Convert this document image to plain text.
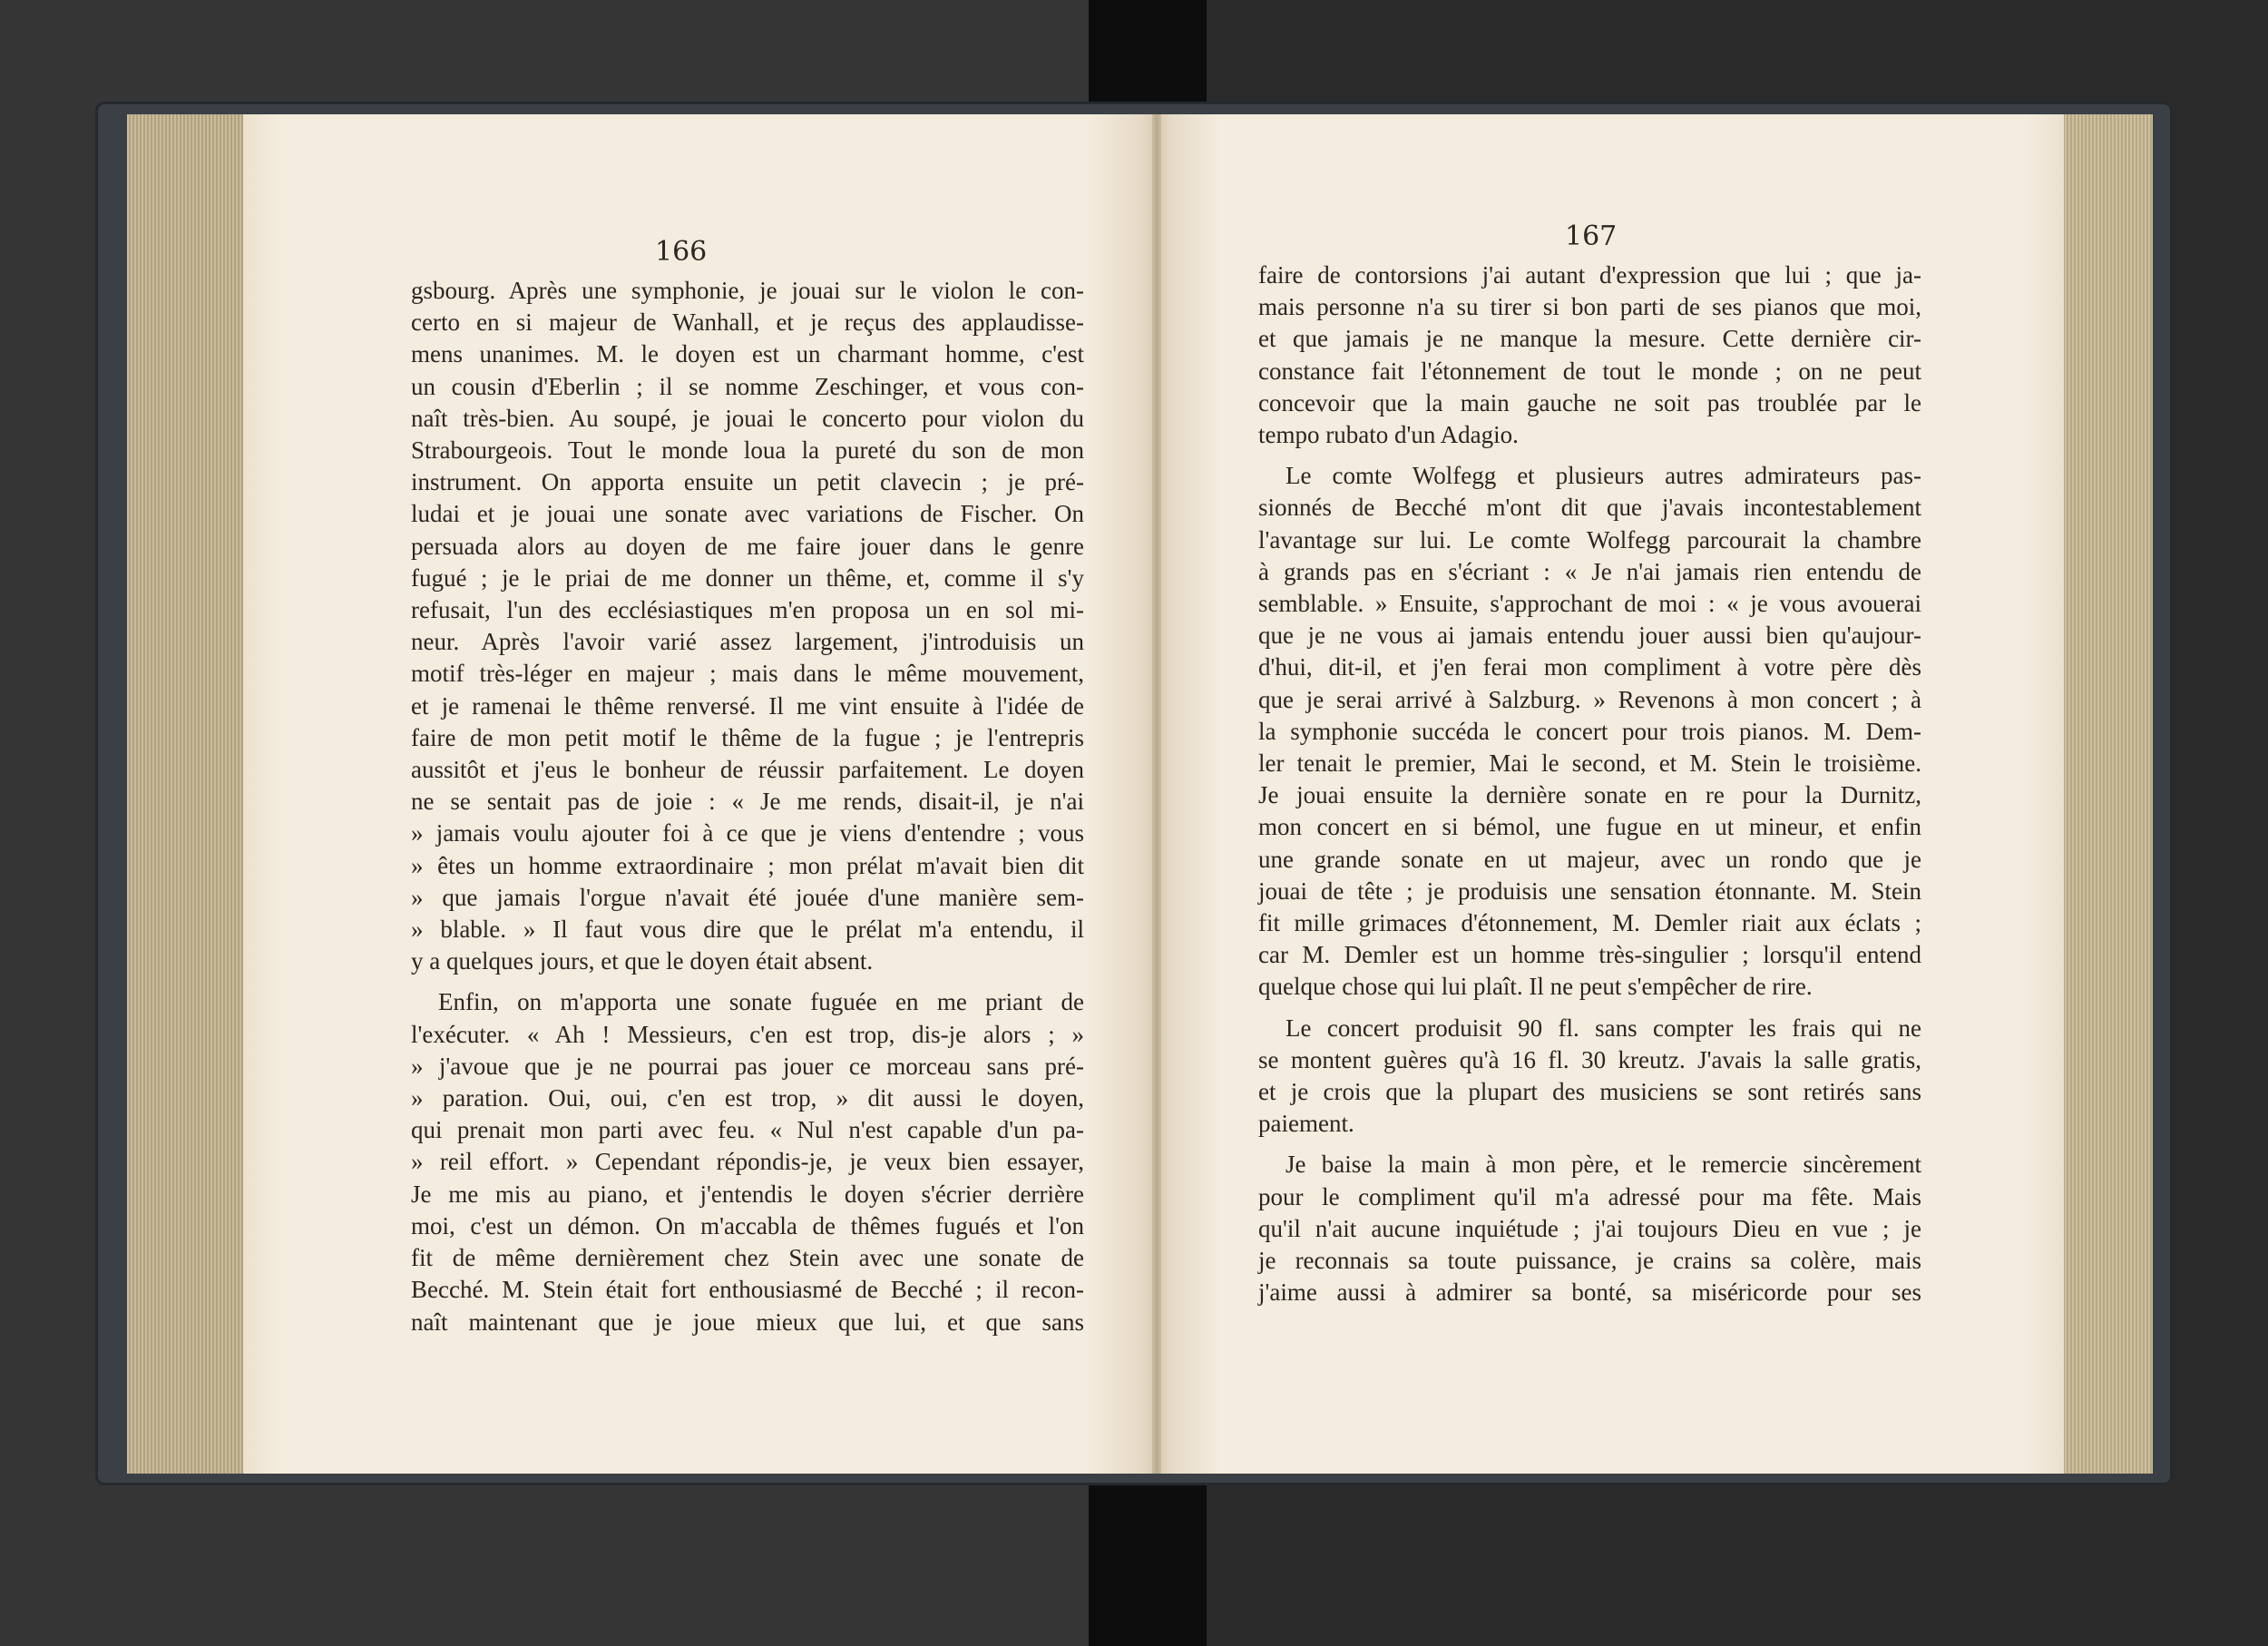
166	167
gsbourg. Après une symphonie, je jouai sur le violon le con-
certo en si majeur de Wanhall, et je reçus des applaudisse-
mens unanimes. M. le doyen est un charmant homme, c'est
un cousin d'Eberlin ; il se nomme Zeschinger, et vous con-
naît très-bien. Au soupé, je jouai le concerto pour violon du
Strabourgeois. Tout le monde loua la pureté du son de mon
instrument. On apporta ensuite un petit clavecin ; je pré-
ludai et je jouai une sonate avec variations de Fischer. On
persuada alors au doyen de me faire jouer dans le genre
fugué ; je le priai de me donner un thême, et, comme il s'y
refusait, l'un des ecclésiastiques m'en proposa un en sol mi-
neur. Après l'avoir varié assez largement, j'introduisis un
motif très-léger en majeur ; mais dans le même mouvement,
et je ramenai le thême renversé. Il me vint ensuite à l'idée de
faire de mon petit motif le thême de la fugue ; je l'entrepris
aussitôt et j'eus le bonheur de réussir parfaitement. Le doyen
ne se sentait pas de joie : « Je me rends, disait-il, je n'ai
» jamais voulu ajouter foi à ce que je viens d'entendre ; vous
» êtes un homme extraordinaire ; mon prélat m'avait bien dit
» que jamais l'orgue n'avait été jouée d'une manière sem-
» blable. » Il faut vous dire que le prélat m'a entendu, il
y a quelques jours, et que le doyen était absent.
Enfin, on m'apporta une sonate fuguée en me priant de
l'exécuter. « Ah ! Messieurs, c'en est trop, dis-je alors ; »
» j'avoue que je ne pourrai pas jouer ce morceau sans pré-
» paration. Oui, oui, c'en est trop, » dit aussi le doyen,
qui prenait mon parti avec feu. « Nul n'est capable d'un pa-
» reil effort. » Cependant répondis-je, je veux bien essayer,
Je me mis au piano, et j'entendis le doyen s'écrier derrière
moi, c'est un démon. On m'accabla de thêmes fugués et l'on
fit de même dernièrement chez Stein avec une sonate de
Becché. M. Stein était fort enthousiasmé de Becché ; il recon-
naît maintenant que je joue mieux que lui, et que sans
faire de contorsions j'ai autant d'expression que lui ; que ja-
mais personne n'a su tirer si bon parti de ses pianos que moi,
et que jamais je ne manque la mesure. Cette dernière cir-
constance fait l'étonnement de tout le monde ; on ne peut
concevoir que la main gauche ne soit pas troublée par le
tempo rubato d'un Adagio.
Le comte Wolfegg et plusieurs autres admirateurs pas-
sionnés de Becché m'ont dit que j'avais incontestablement
l'avantage sur lui. Le comte Wolfegg parcourait la chambre
à grands pas en s'écriant : « Je n'ai jamais rien entendu de
semblable. » Ensuite, s'approchant de moi : « je vous avouerai
que je ne vous ai jamais entendu jouer aussi bien qu'aujour-
d'hui, dit-il, et j'en ferai mon compliment à votre père dès
que je serai arrivé à Salzburg. » Revenons à mon concert ; à
la symphonie succéda le concert pour trois pianos. M. Dem-
ler tenait le premier, Mai le second, et M. Stein le troisième.
Je jouai ensuite la dernière sonate en re pour la Durnitz,
mon concert en si bémol, une fugue en ut mineur, et enfin
une grande sonate en ut majeur, avec un rondo que je
jouai de tête ; je produisis une sensation étonnante. M. Stein
fit mille grimaces d'étonnement, M. Demler riait aux éclats ;
car M. Demler est un homme très-singulier ; lorsqu'il entend
quelque chose qui lui plaît. Il ne peut s'empêcher de rire.
Le concert produisit 90 fl. sans compter les frais qui ne
se montent guères qu'à 16 fl. 30 kreutz. J'avais la salle gratis,
et je crois que la plupart des musiciens se sont retirés sans
paiement.
Je baise la main à mon père, et le remercie sincèrement
pour le compliment qu'il m'a adressé pour ma fête. Mais
qu'il n'ait aucune inquiétude ; j'ai toujours Dieu en vue ; je
je reconnais sa toute puissance, je crains sa colère, mais
j'aime aussi à admirer sa bonté, sa miséricorde pour ses
